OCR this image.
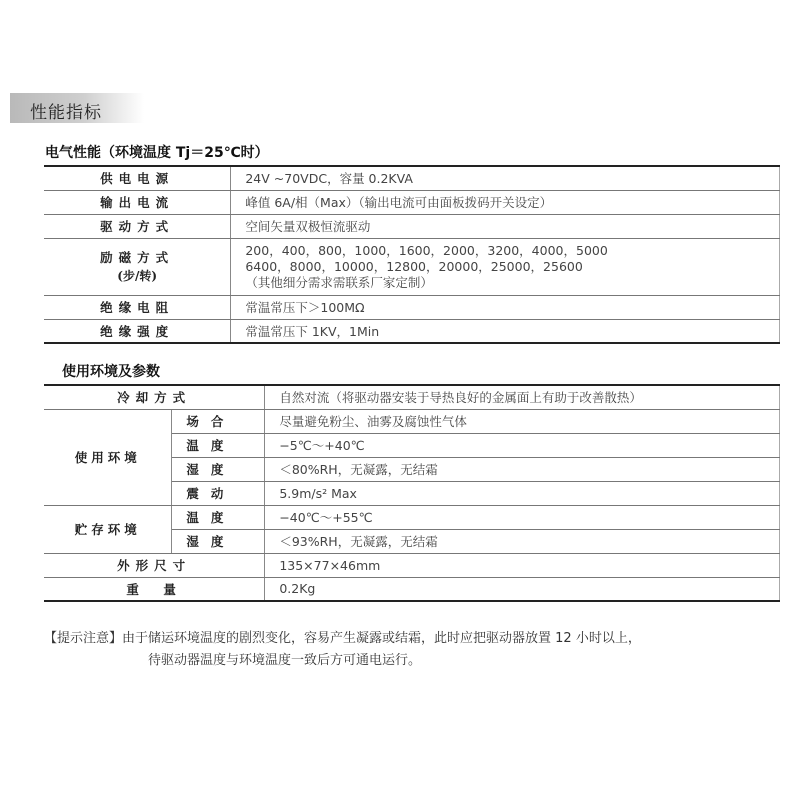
性能指标
电气性能（环境温度 Tj＝25℃时）
供电电源	24V ~70VDC，容量 0.2KVA
输出电流	峰值 6A/相（Max）（输出电流可由面板拨码开关设定）
驱动方式	空间矢量双极恒流驱动

励磁方式
(步/转)	200，400，800，1000，1600，2000，3200，4000，5000
6400，8000，10000，12800，20000，25000，25600
（其他细分需求需联系厂家定制）

绝缘电阻	常温常压下＞100MΩ
绝缘强度	常温常压下 1KV，1Min
使用环境及参数
冷却方式		自然对流（将驱动器安装于导热良好的金属面上有助于改善散热）
使用环境	场合	尽量避免粉尘、油雾及腐蚀性气体
	温度	−5℃～+40℃
	湿度	＜80%RH，无凝露，无结霜
	震动	5.9m/s² Max
贮存环境	温度	−40℃～+55℃
	湿度	＜93%RH，无凝露，无结霜
外形尺寸		135×77×46mm
重　量		0.2Kg
【提示注意】由于储运环境温度的剧烈变化，容易产生凝露或结霜，此时应把驱动器放置 12 小时以上，
待驱动器温度与环境温度一致后方可通电运行。
